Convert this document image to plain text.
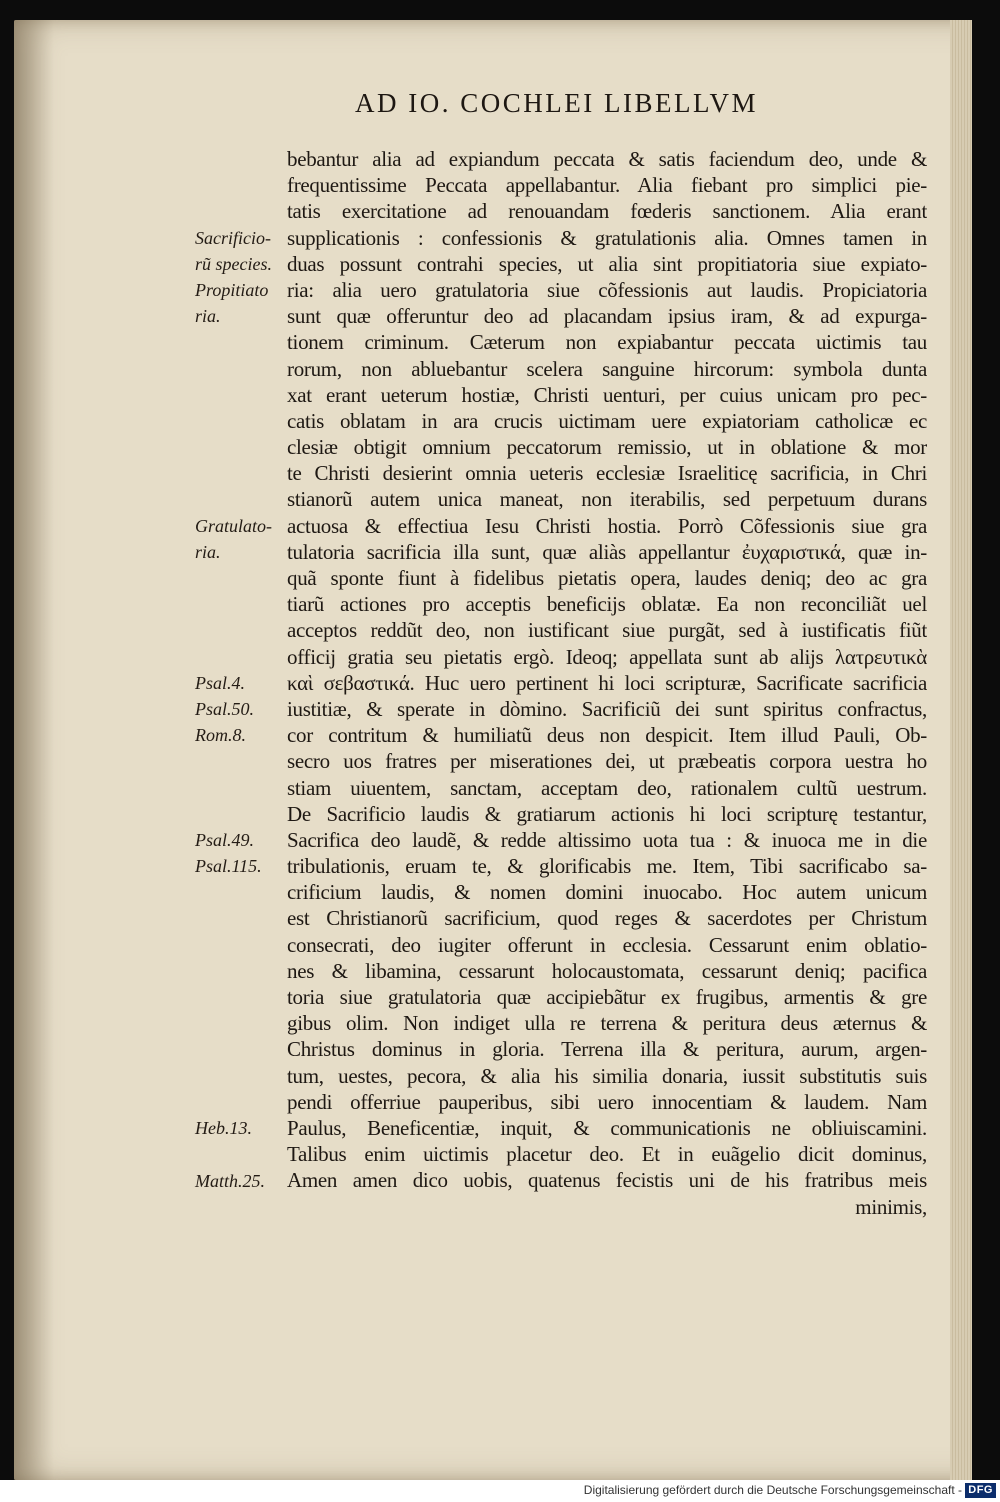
AD IO. COCHLEI LIBELLVM
bebantur alia ad expiandum peccata & satis faciendum deo, unde &
frequentissime Peccata appellabantur. Alia fiebant pro simplici pie-
tatis exercitatione ad renouandam fœderis sanctionem. Alia erant
supplicationis : confessionis & gratulationis alia. Omnes tamen in
duas possunt contrahi species, ut alia sint propitiatoria siue expiato-
ria: alia uero gratulatoria siue cõfessionis aut laudis. Propiciatoria
sunt quæ offeruntur deo ad placandam ipsius iram, & ad expurga-
tionem criminum. Cæterum non expiabantur peccata uictimis tau
rorum, non abluebantur scelera sanguine hircorum: symbola dunta
xat erant ueterum hostiæ, Christi uenturi, per cuius unicam pro pec-
catis oblatam in ara crucis uictimam uere expiatoriam catholicæ ec
clesiæ obtigit omnium peccatorum remissio, ut in oblatione & mor
te Christi desierint omnia ueteris ecclesiæ Israeliticę sacrificia, in Chri
stianorũ autem unica maneat, non iterabilis, sed perpetuum durans
actuosa & effectiua Iesu Christi hostia. Porrò Cõfessionis siue gra
tulatoria sacrificia illa sunt, quæ aliàs appellantur ἐυχαριστικά, quæ in-
quã sponte fiunt à fidelibus pietatis opera, laudes deniq; deo ac gra
tiarũ actiones pro acceptis beneficijs oblatæ. Ea non reconciliãt uel
acceptos reddũt deo, non iustificant siue purgãt, sed à iustificatis fiũt
officij gratia seu pietatis ergò. Ideoq; appellata sunt ab alijs λατρευτικὰ
καὶ σεβαστικά. Huc uero pertinent hi loci scripturæ, Sacrificate sacrificia
iustitiæ, & sperate in dòmino. Sacrificiũ dei sunt spiritus confractus,
cor contritum & humiliatũ deus non despicit. Item illud Pauli, Ob-
secro uos fratres per miserationes dei, ut præbeatis corpora uestra ho
stiam uiuentem, sanctam, acceptam deo, rationalem cultũ uestrum.
De Sacrificio laudis & gratiarum actionis hi loci scripturę testantur,
Sacrifica deo laudẽ, & redde altissimo uota tua : & inuoca me in die
tribulationis, eruam te, & glorificabis me. Item, Tibi sacrificabo sa-
crificium laudis, & nomen domini inuocabo. Hoc autem unicum
est Christianorũ sacrificium, quod reges & sacerdotes per Christum
consecrati, deo iugiter offerunt in ecclesia. Cessarunt enim oblatio-
nes & libamina, cessarunt holocaustomata, cessarunt deniq; pacifica
toria siue gratulatoria quæ accipiebãtur ex frugibus, armentis & gre
gibus olim. Non indiget ulla re terrena & peritura deus æternus &
Christus dominus in gloria. Terrena illa & peritura, aurum, argen-
tum, uestes, pecora, & alia his similia donaria, iussit substitutis suis
pendi offerriue pauperibus, sibi uero innocentiam & laudem. Nam
Paulus, Beneficentiæ, inquit, & communicationis ne obliuiscamini.
Talibus enim uictimis placetur deo. Et in euãgelio dicit dominus,
Amen amen dico uobis, quatenus fecistis uni de his fratribus meis
minimis,
Sacrificio-
rũ species.
Propitiato
ria.
Gratulato-
ria.
Psal.4.
Psal.50.
Rom.8.
Psal.49.
Psal.115.
Heb.13.
Matth.25.
Digitalisierung gefördert durch die Deutsche Forschungsgemeinschaft - DFG
